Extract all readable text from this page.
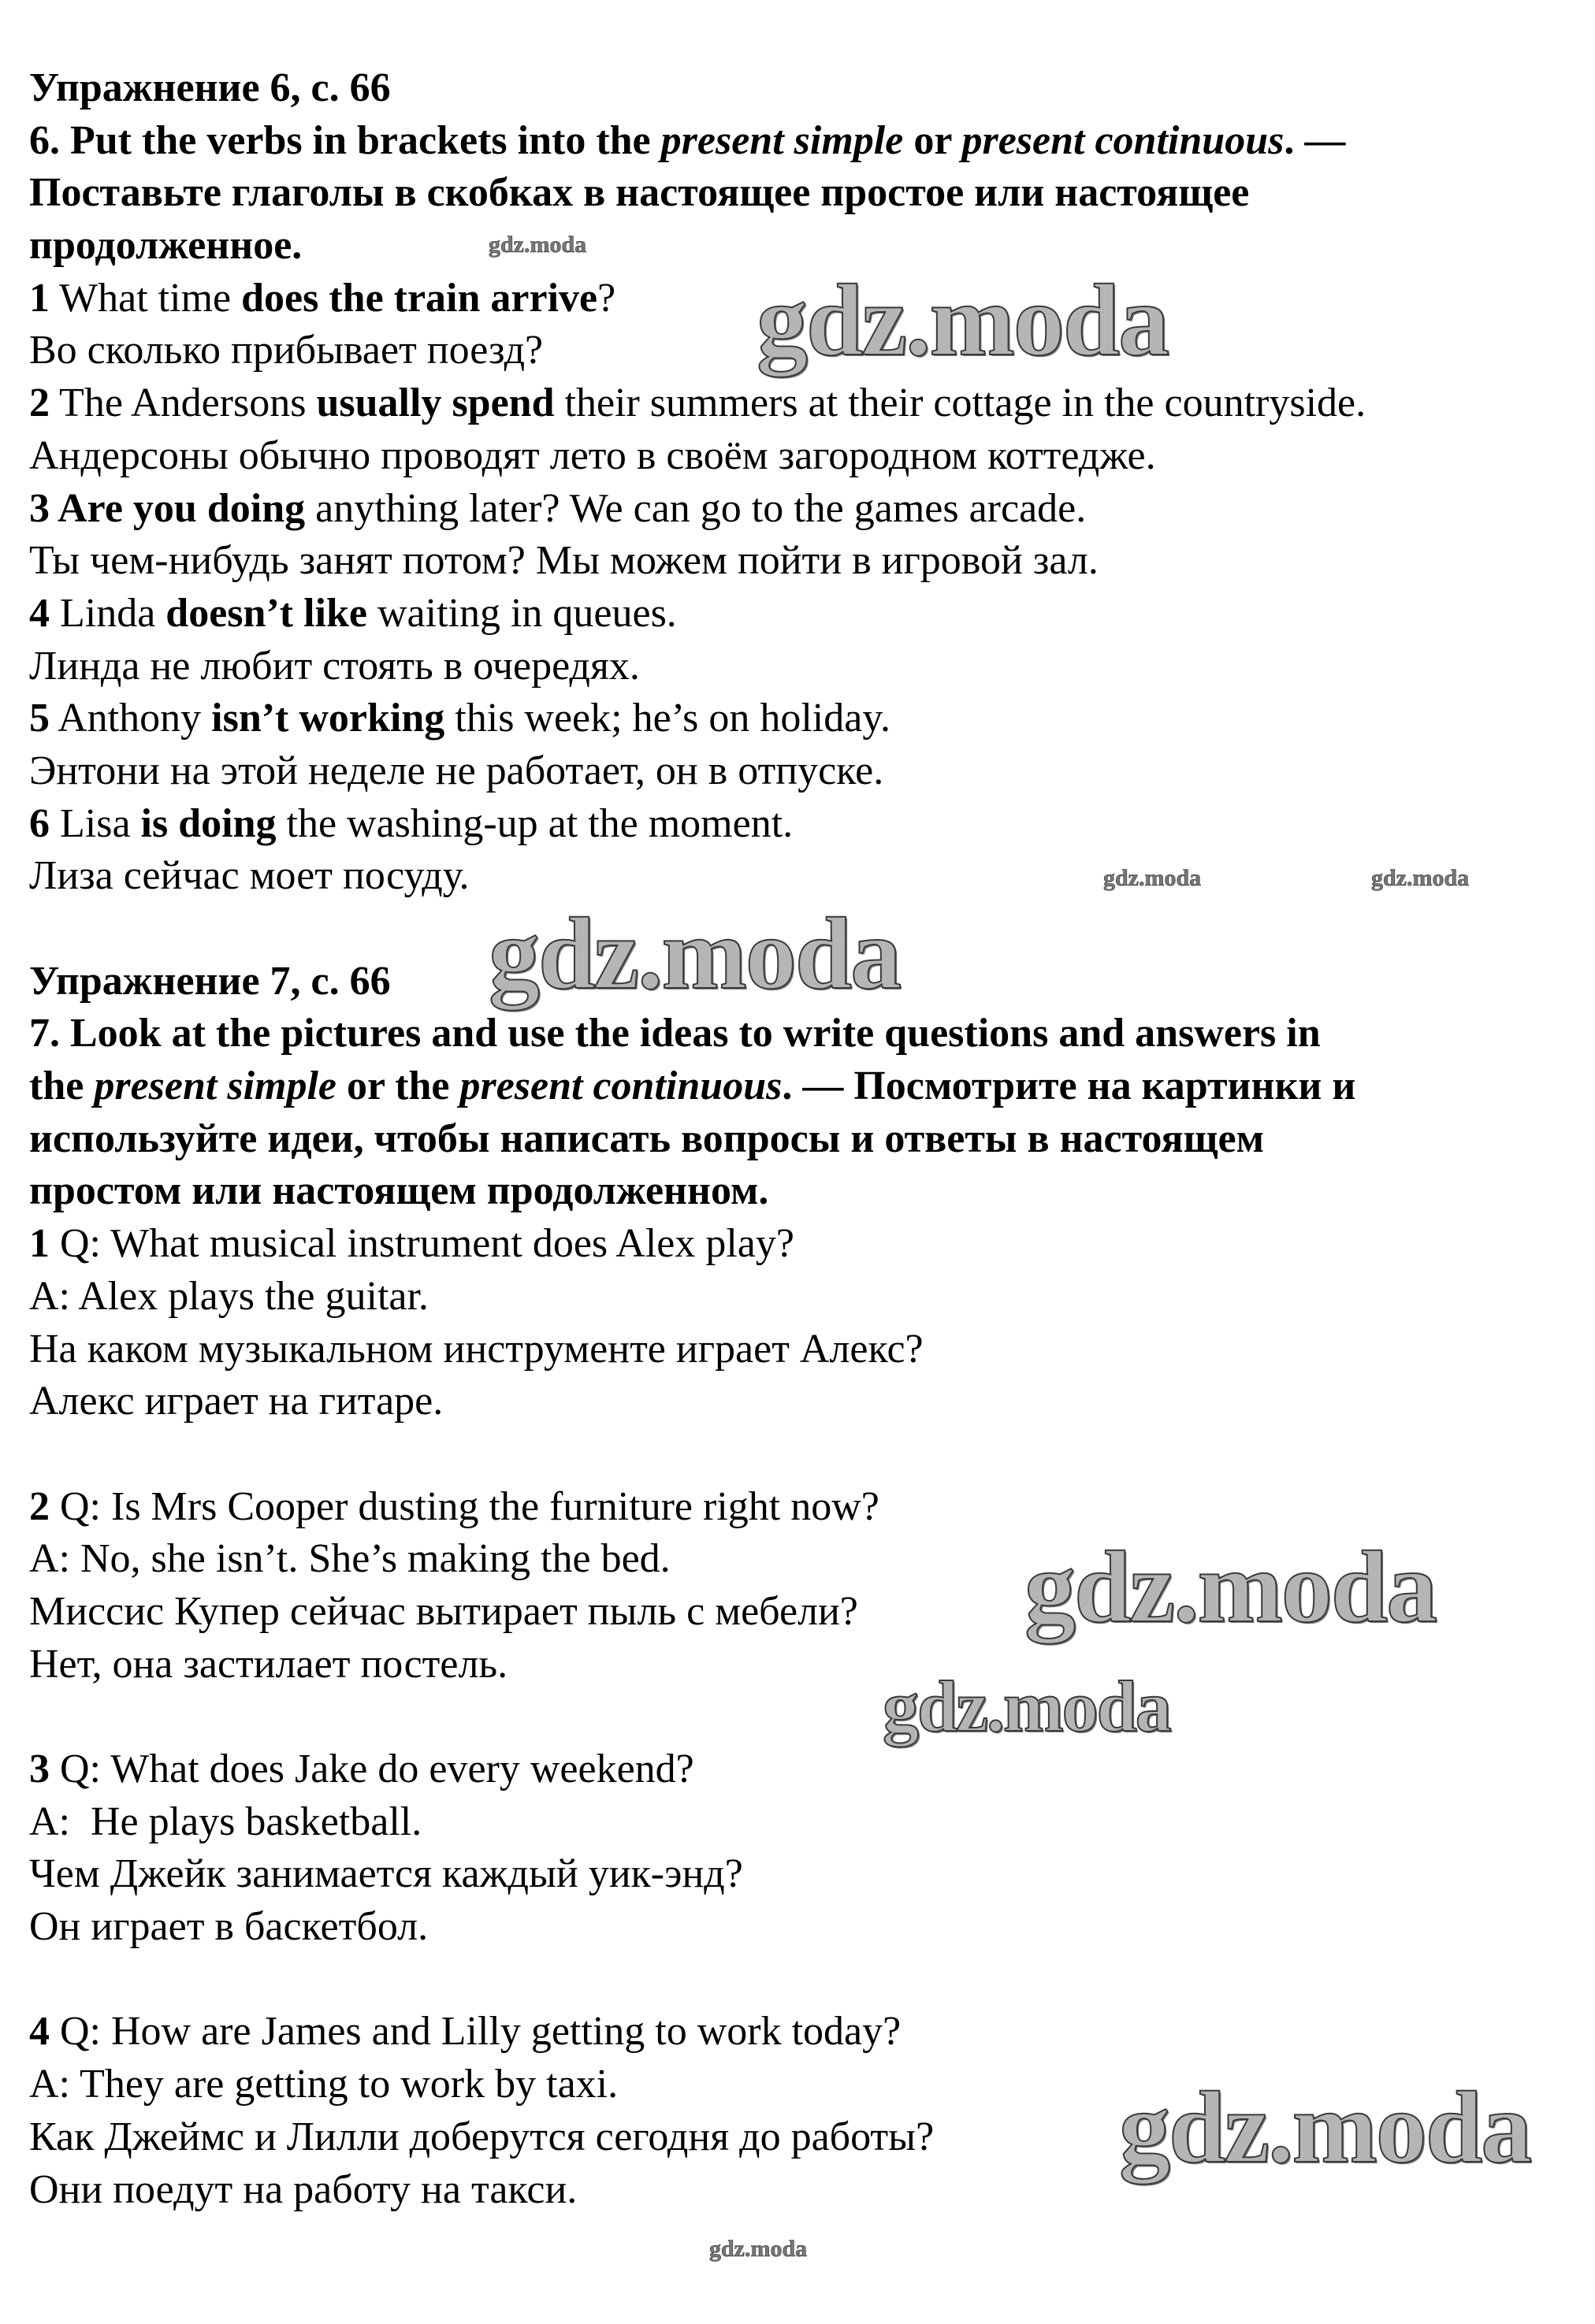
Упражнение 6, с. 66
6. Put the verbs in brackets into the present simple or present continuous. —
Поставьте глаголы в скобках в настоящее простое или настоящее
продолженное.
1 What time does the train arrive?
Во сколько прибывает поезд?
2 The Andersons usually spend their summers at their cottage in the countryside.
Андерсоны обычно проводят лето в своём загородном коттедже.
3 Are you doing anything later? We can go to the games arcade.
Ты чем-нибудь занят потом? Мы можем пойти в игровой зал.
4 Linda doesn’t like waiting in queues.
Линда не любит стоять в очередях.
5 Anthony isn’t working this week; he’s on holiday.
Энтони на этой неделе не работает, он в отпуске.
6 Lisa is doing the washing-up at the moment.
Лиза сейчас моет посуду.
Упражнение 7, с. 66
7. Look at the pictures and use the ideas to write questions and answers in
the present simple or the present continuous. — Посмотрите на картинки и
используйте идеи, чтобы написать вопросы и ответы в настоящем
простом или настоящем продолженном.
1 Q: What musical instrument does Alex play?
A: Alex plays the guitar.
На каком музыкальном инструменте играет Алекс?
Алекс играет на гитаре.
2 Q: Is Mrs Cooper dusting the furniture right now?
A: No, she isn’t. She’s making the bed.
Миссис Купер сейчас вытирает пыль с мебели?
Нет, она застилает постель.
3 Q: What does Jake do every weekend?
A:  He plays basketball.
Чем Джейк занимается каждый уик-энд?
Он играет в баскетбол.
4 Q: How are James and Lilly getting to work today?
A: They are getting to work by taxi.
Как Джеймс и Лилли доберутся сегодня до работы?
Они поедут на работу на такси.
gdz.moda
gdz.moda
gdz.moda	gdz.moda
gdz.moda
gdz.moda
gdz.moda
gdz.moda
gdz.moda
